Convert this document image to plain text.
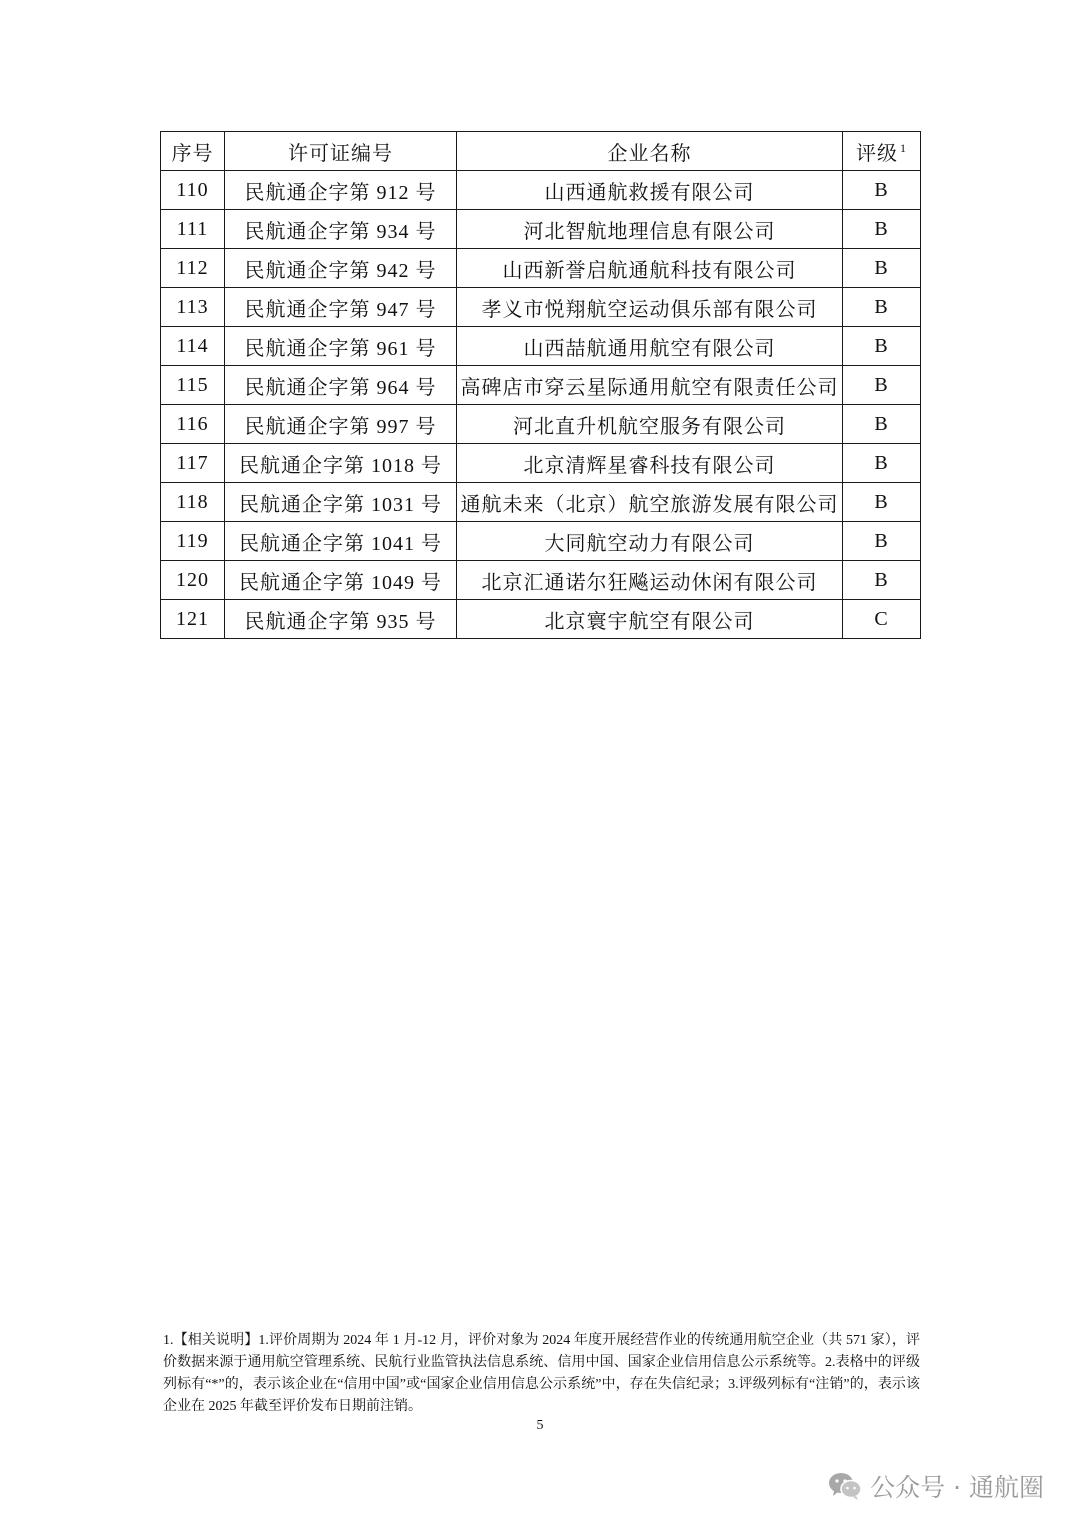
序号	许可证编号	企业名称	评级 $^1$
110	民航通企字第 912 号	山西通航救援有限公司	B
111	民航通企字第 934 号	河北智航地理信息有限公司	B
112	民航通企字第 942 号	山西新誉启航通航科技有限公司	B
113	民航通企字第 947 号	孝义市悦翔航空运动俱乐部有限公司	B
114	民航通企字第 961 号	山西喆航通用航空有限公司	B
115	民航通企字第 964 号	高碑店市穿云星际通用航空有限责任公司	B
116	民航通企字第 997 号	河北直升机航空服务有限公司	B
117	民航通企字第 1018 号	北京清辉星睿科技有限公司	B
118	民航通企字第 1031 号	通航未来（北京）航空旅游发展有限公司	B
119	民航通企字第 1041 号	大同航空动力有限公司	B
120	民航通企字第 1049 号	北京汇通诺尔狂飚运动休闲有限公司	B
121	民航通企字第 935 号	北京寰宇航空有限公司	C

1.【相关说明】1.评价周期为 2024 年 1 月-12 月，评价对象为 2024 年度开展经营作业的传统通用航空企业（共 571 家），评价数据来源于通用航空管理系统、民航行业监管执法信息系统、信用中国、国家企业信用信息公示系统等。2.表格中的评级列标有“*”的，表示该企业在“信用中国”或“国家企业信用信息公示系统”中，存在失信纪录；3.评级列标有“注销”的，表示该企业在 2025 年截至评价发布日期前注销。

5
公众号 · 通航圈
